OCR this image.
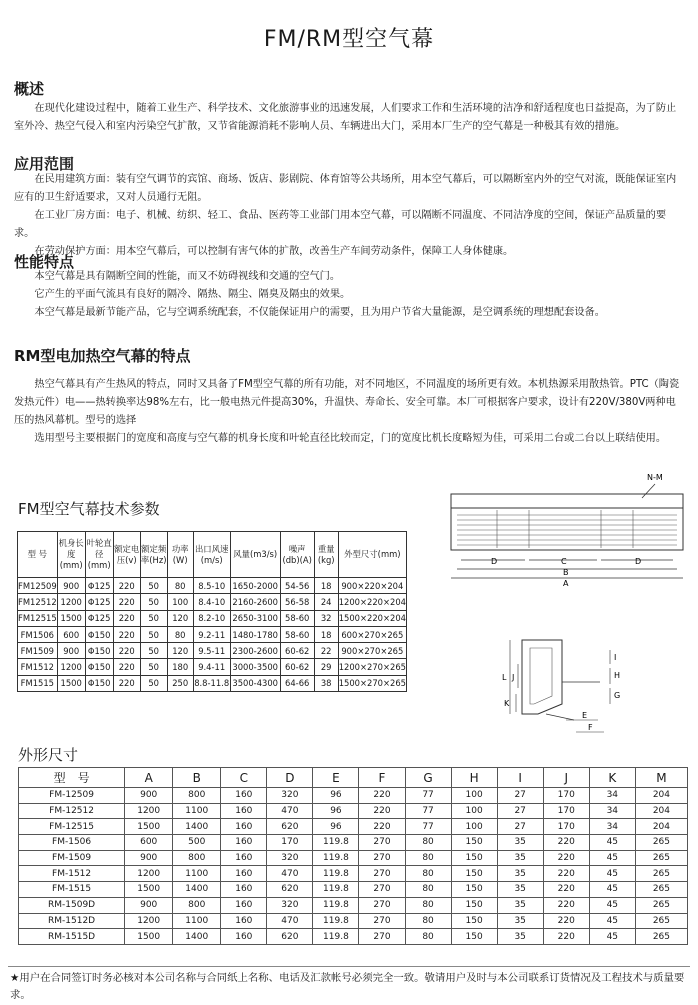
FM/RM型空气幕
概述

在现代化建设过程中，随着工业生产、科学技术、文化旅游事业的迅速发展，人们要求工作和生活环境的洁净和舒适程度也日益提高，为了防止室外冷、热空气侵入和室内污染空气扩散，又节省能源消耗不影响人员、车辆进出大门，采用本厂生产的空气幕是一种极其有效的措施。

应用范围

在民用建筑方面：装有空气调节的宾馆、商场、饭店、影剧院、体育馆等公共场所，用本空气幕后，可以隔断室内外的空气对流，既能保证室内应有的卫生舒适要求，又对人员通行无阻。

在工业厂房方面：电子、机械、纺织、轻工、食品、医药等工业部门用本空气幕，可以隔断不同温度、不同洁净度的空间，保证产品质量的要求。

在劳动保护方面：用本空气幕后，可以控制有害气体的扩散，改善生产车间劳动条件，保障工人身体健康。

性能特点

本空气幕是具有隔断空间的性能，而又不妨碍视线和交通的空气门。

它产生的平面气流具有良好的隔冷、隔热、隔尘、隔臭及隔虫的效果。

本空气幕是最新节能产品，它与空调系统配套，不仅能保证用户的需要，且为用户节省大量能源，是空调系统的理想配套设备。

RM型电加热空气幕的特点

热空气幕具有产生热风的特点，同时又具备了FM型空气幕的所有功能，对不同地区，不同温度的场所更有效。本机热源采用散热管。PTC（陶瓷发热元件）电——热转换率达98%左右，比一般电热元件提高30%，升温快、寿命长、安全可靠。本厂可根据客户要求，设计有220V/380V两种电压的热风幕机。型号的选择

选用型号主要根据门的宽度和高度与空气幕的机身长度和叶轮直径比较而定，门的宽度比机长度略短为佳，可采用二台或二台以上联结使用。

FM型空气幕技术参数
型 号	机身长度(mm)	叶轮直径(mm)	额定电压(v)	额定频率(Hz)	功率(W)	出口风速(m/s)	风量(m3/s)	噪声(db)(A)	重量(kg)	外型尺寸(mm)
FM12509	900	Φ125	220	50	80	8.5-10	1650-2000	54-56	18	900×220×204
FM12512	1200	Φ125	220	50	100	8.4-10	2160-2600	56-58	24	1200×220×204
FM12515	1500	Φ125	220	50	120	8.2-10	2650-3100	58-60	32	1500×220×204
FM1506	600	Φ150	220	50	80	9.2-11	1480-1780	58-60	18	600×270×265
FM1509	900	Φ150	220	50	120	9.5-11	2300-2600	60-62	22	900×270×265
FM1512	1200	Φ150	220	50	180	9.4-11	3000-3500	60-62	29	1200×270×265
FM1515	1500	Φ150	220	50	250	8.8-11.8	3500-4300	64-66	38	1500×270×265
N-M
D	C	D
B
A
L J
K
I
H
G
E
F
外形尺寸
型　号	A	B	C	D	E	F	G	H	I	J	K	M
FM-12509	900	800	160	320	96	220	77	100	27	170	34	204
FM-12512	1200	1100	160	470	96	220	77	100	27	170	34	204
FM-12515	1500	1400	160	620	96	220	77	100	27	170	34	204
FM-1506	600	500	160	170	119.8	270	80	150	35	220	45	265
FM-1509	900	800	160	320	119.8	270	80	150	35	220	45	265
FM-1512	1200	1100	160	470	119.8	270	80	150	35	220	45	265
FM-1515	1500	1400	160	620	119.8	270	80	150	35	220	45	265
RM-1509D	900	800	160	320	119.8	270	80	150	35	220	45	265
RM-1512D	1200	1100	160	470	119.8	270	80	150	35	220	45	265
RM-1515D	1500	1400	160	620	119.8	270	80	150	35	220	45	265
★用户在合同签订时务必核对本公司名称与合同纸上名称、电话及汇款帐号必须完全一致。敬请用户及时与本公司联系订货情况及工程技术与质量要求。
